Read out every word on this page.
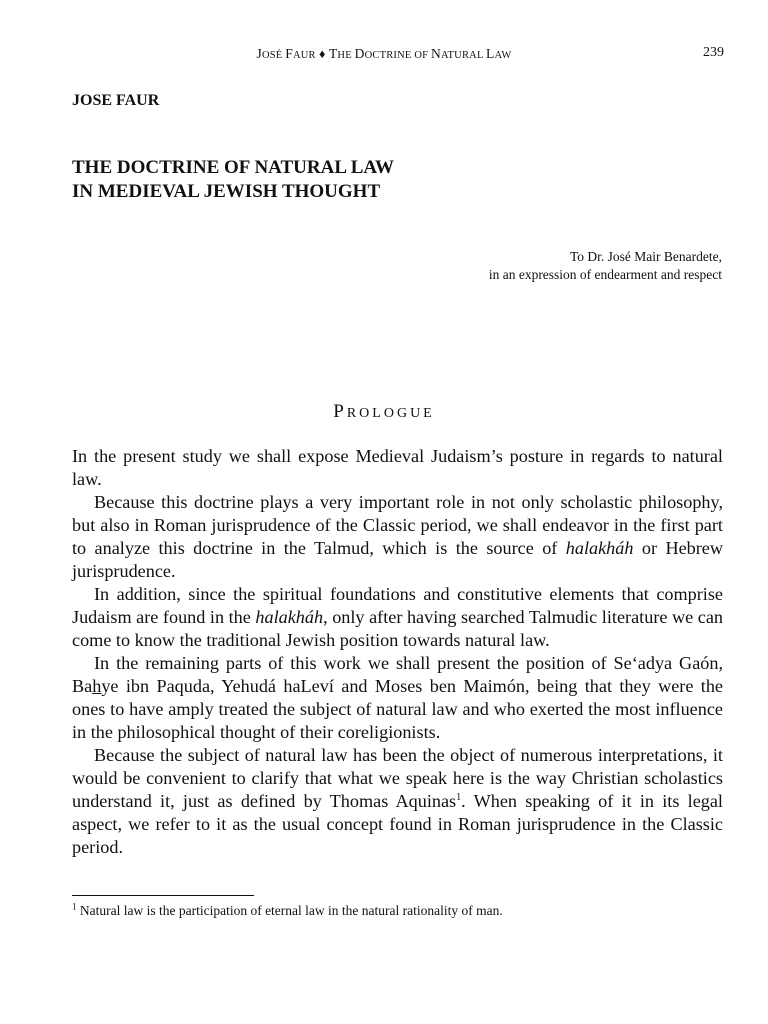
JOSÉ FAUR ♦ THE DOCTRINE OF NATURAL LAW	239
JOSE FAUR
THE DOCTRINE OF NATURAL LAW
IN MEDIEVAL JEWISH THOUGHT
To Dr. José Mair Benardete,
in an expression of endearment and respect
PROLOGUE

In the present study we shall expose Medieval Judaism’s posture in regards to natural law.

Because this doctrine plays a very important role in not only scholastic philosophy, but also in Roman jurisprudence of the Classic period, we shall endeavor in the first part to analyze this doctrine in the Talmud, which is the source of halakháh or Hebrew jurisprudence.

In addition, since the spiritual foundations and constitutive elements that comprise Judaism are found in the halakháh, only after having searched Talmudic literature we can come to know the traditional Jewish position towards natural law.

In the remaining parts of this work we shall present the position of Se‘adya Gaón, Bahye ibn Paquda, Yehudá haLeví and Moses ben Maimón, being that they were the ones to have amply treated the subject of natural law and who exerted the most influence in the philosophical thought of their coreligionists.

Because the subject of natural law has been the object of numerous interpretations, it would be convenient to clarify that what we speak here is the way Christian scholastics understand it, just as defined by Thomas Aquinas$^1$. When speaking of it in its legal aspect, we refer to it as the usual concept found in Roman jurisprudence in the Classic period.

$^1$ Natural law is the participation of eternal law in the natural rationality of man.
